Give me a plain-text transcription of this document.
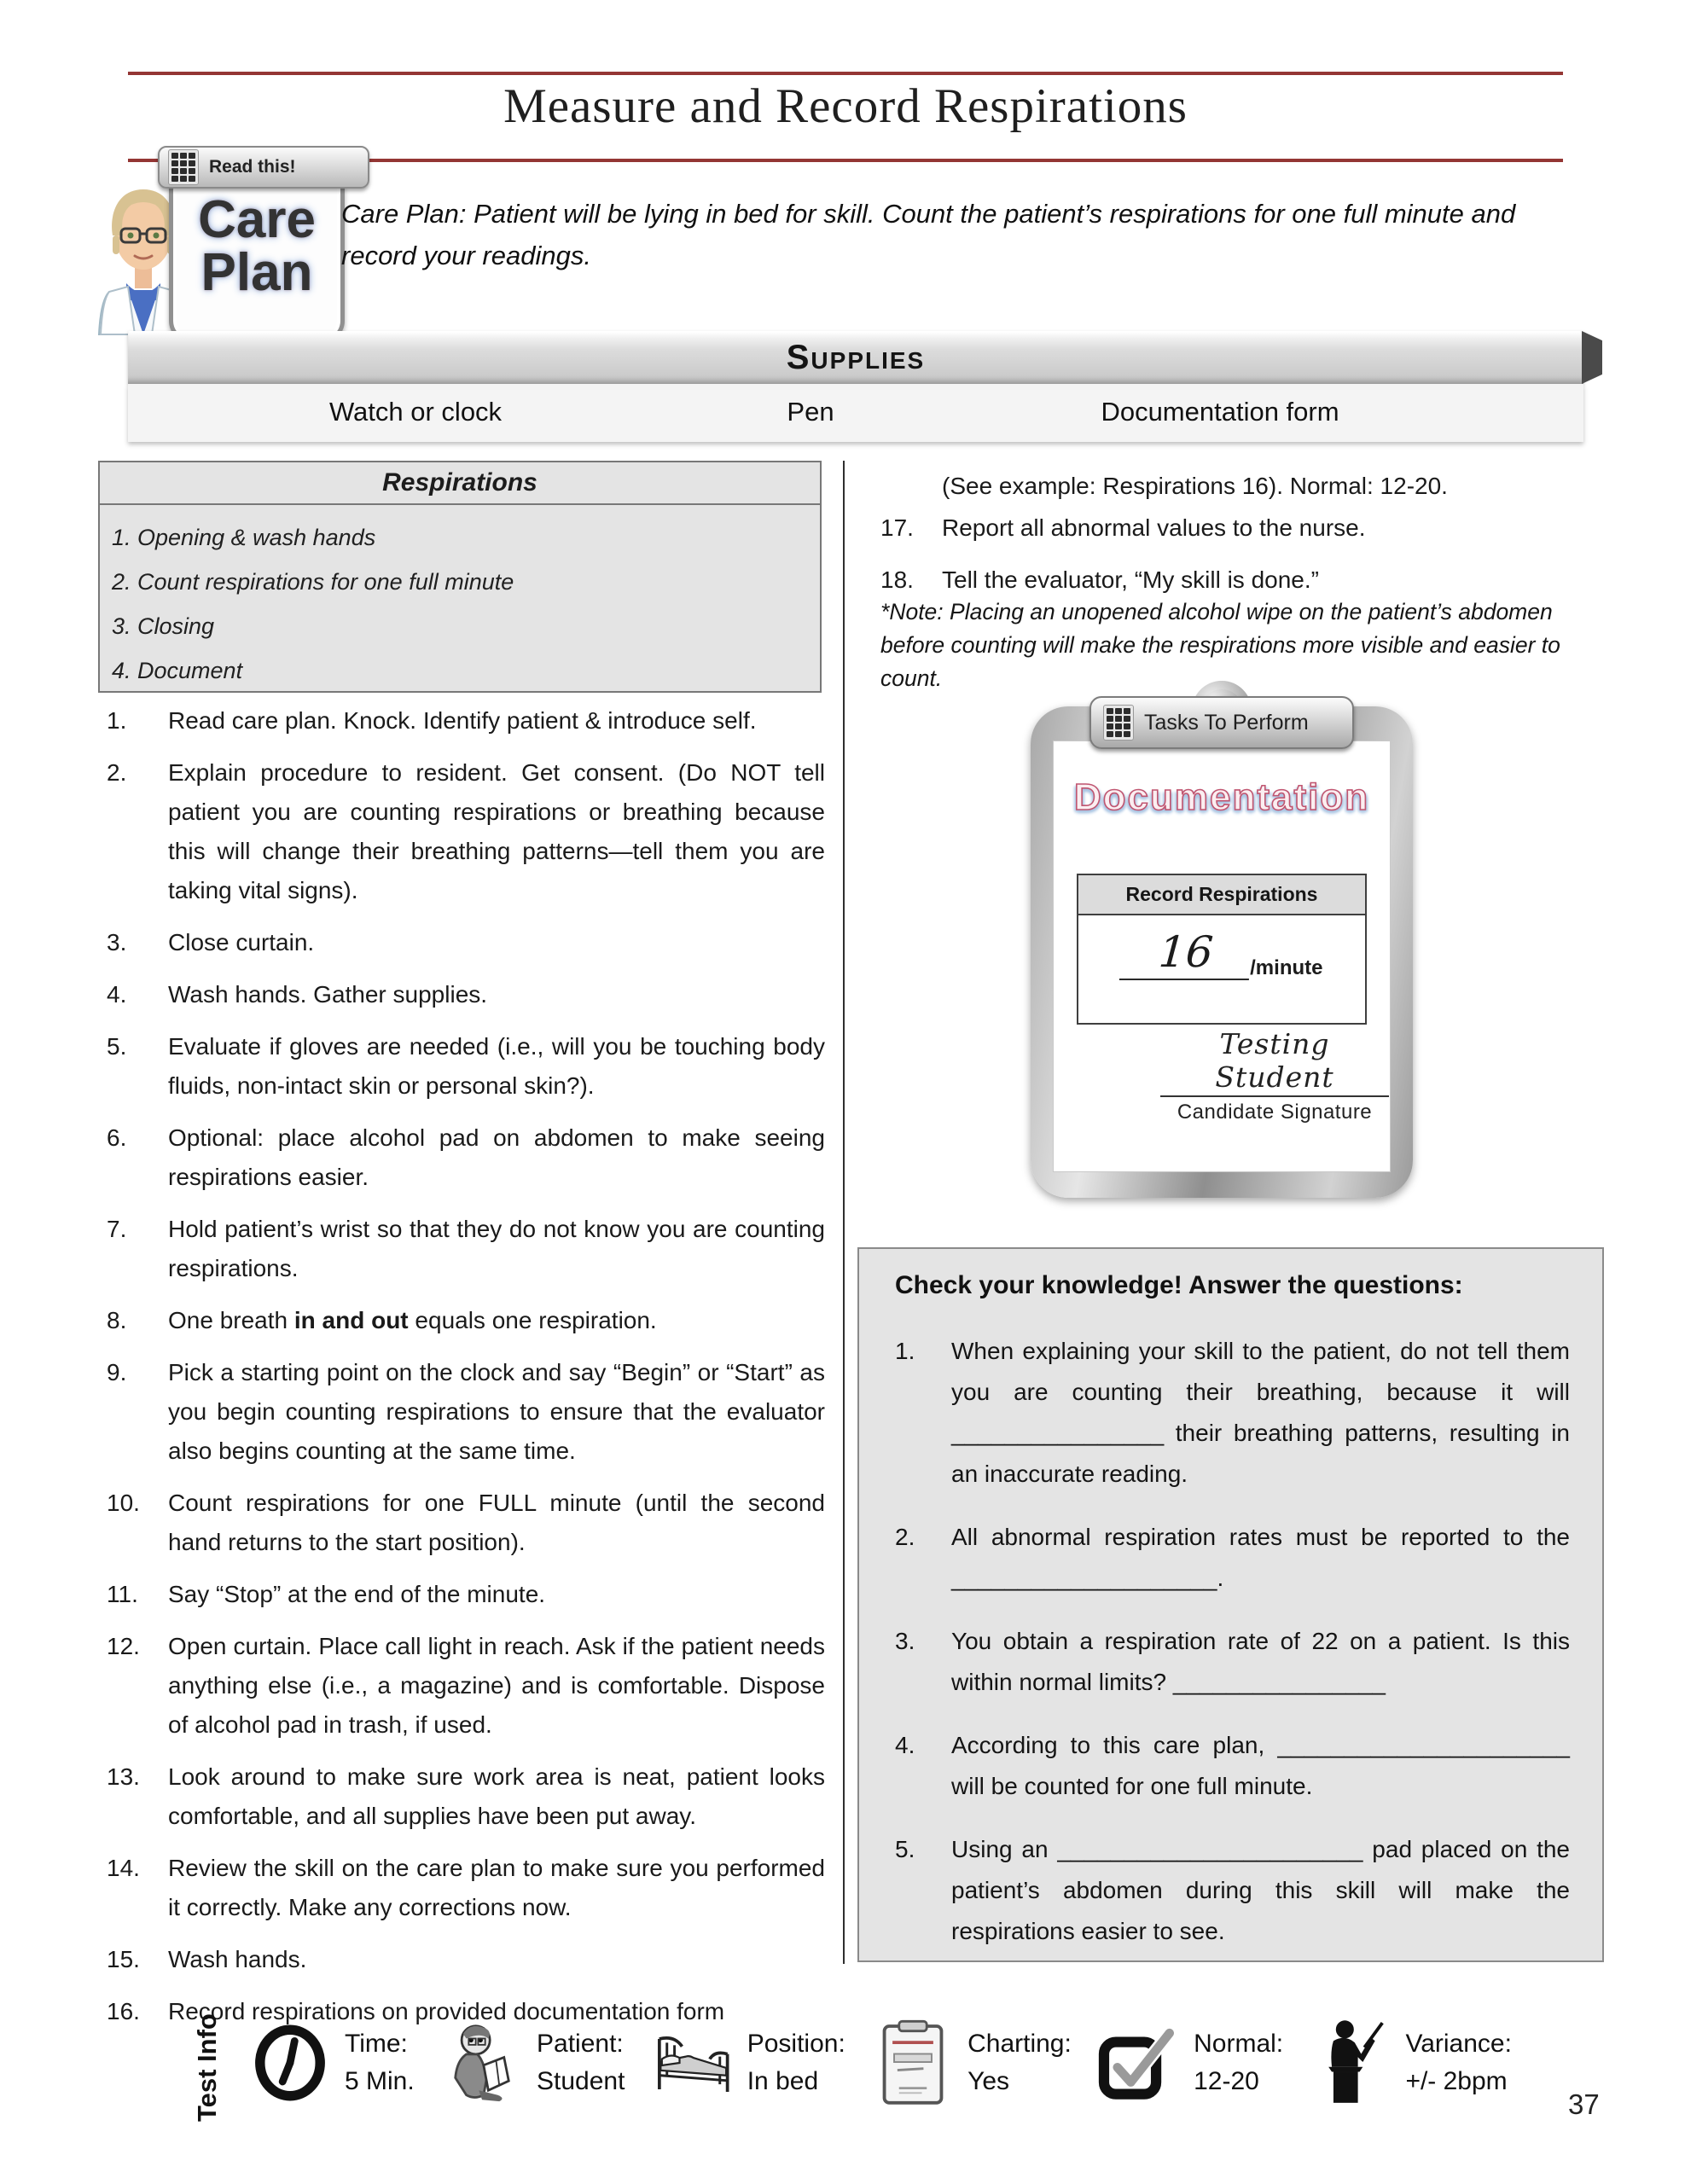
Measure and Record Respirations
Read this!
Care
Plan
Care Plan: Patient will be lying in bed for skill. Count the patient’s respirations for one full minute and record your readings.
Supplies
Watch or clock	Pen	Documentation form
Respirations
1. Opening & wash hands
2. Count respirations for one full minute
3. Closing
4. Document
1. Read care plan. Knock. Identify patient & introduce self.
2. Explain procedure to resident. Get consent. (Do NOT tell patient you are counting respirations or breathing because this will change their breathing patterns—tell them you are taking vital signs).
3. Close curtain.
4. Wash hands. Gather supplies.
5. Evaluate if gloves are needed (i.e., will you be touching body fluids, non-intact skin or personal skin?).
6. Optional: place alcohol pad on abdomen to make seeing respirations easier.
7. Hold patient’s wrist so that they do not know you are counting respirations.
8. One breath in and out equals one respiration.
9. Pick a starting point on the clock and say “Begin” or “Start” as you begin counting respirations to ensure that the evaluator also begins counting at the same time.
10. Count respirations for one FULL minute (until the second hand returns to the start position).
11. Say “Stop” at the end of the minute.
12. Open curtain. Place call light in reach. Ask if the patient needs anything else (i.e., a magazine) and is comfortable. Dispose of alcohol pad in trash, if used.
13. Look around to make sure work area is neat, patient looks comfortable, and all supplies have been put away.
14. Review the skill on the care plan to make sure you performed it correctly. Make any corrections now.
15. Wash hands.
16. Record respirations on provided documentation form
(See example: Respirations 16). Normal: 12-20.
17. Report all abnormal values to the nurse.
18. Tell the evaluator, “My skill is done.”
*Note: Placing an unopened alcohol wipe on the patient’s abdomen before counting will make the respirations more visible and easier to count.
Tasks To Perform
Documentation
Record Respirations
16	/minute
Testing Student
Candidate Signature
Check your knowledge! Answer the questions:
1. When explaining your skill to the patient, do not tell them you are counting their breathing, because it will ________________ their breathing patterns, resulting in an inaccurate reading.
2. All abnormal respiration rates must be reported to the ____________________.
3. You obtain a respiration rate of 22 on a patient. Is this within normal limits? ________________
4. According to this care plan, ______________________ will be counted for one full minute.
5. Using an _______________________ pad placed on the patient’s abdomen during this skill will make the respirations easier to see.
Test Info	Time:
5 Min.
Patient:
Student
Position:
In bed
Charting:
Yes
Normal:
12-20
Variance:
+/- 2bpm
37
